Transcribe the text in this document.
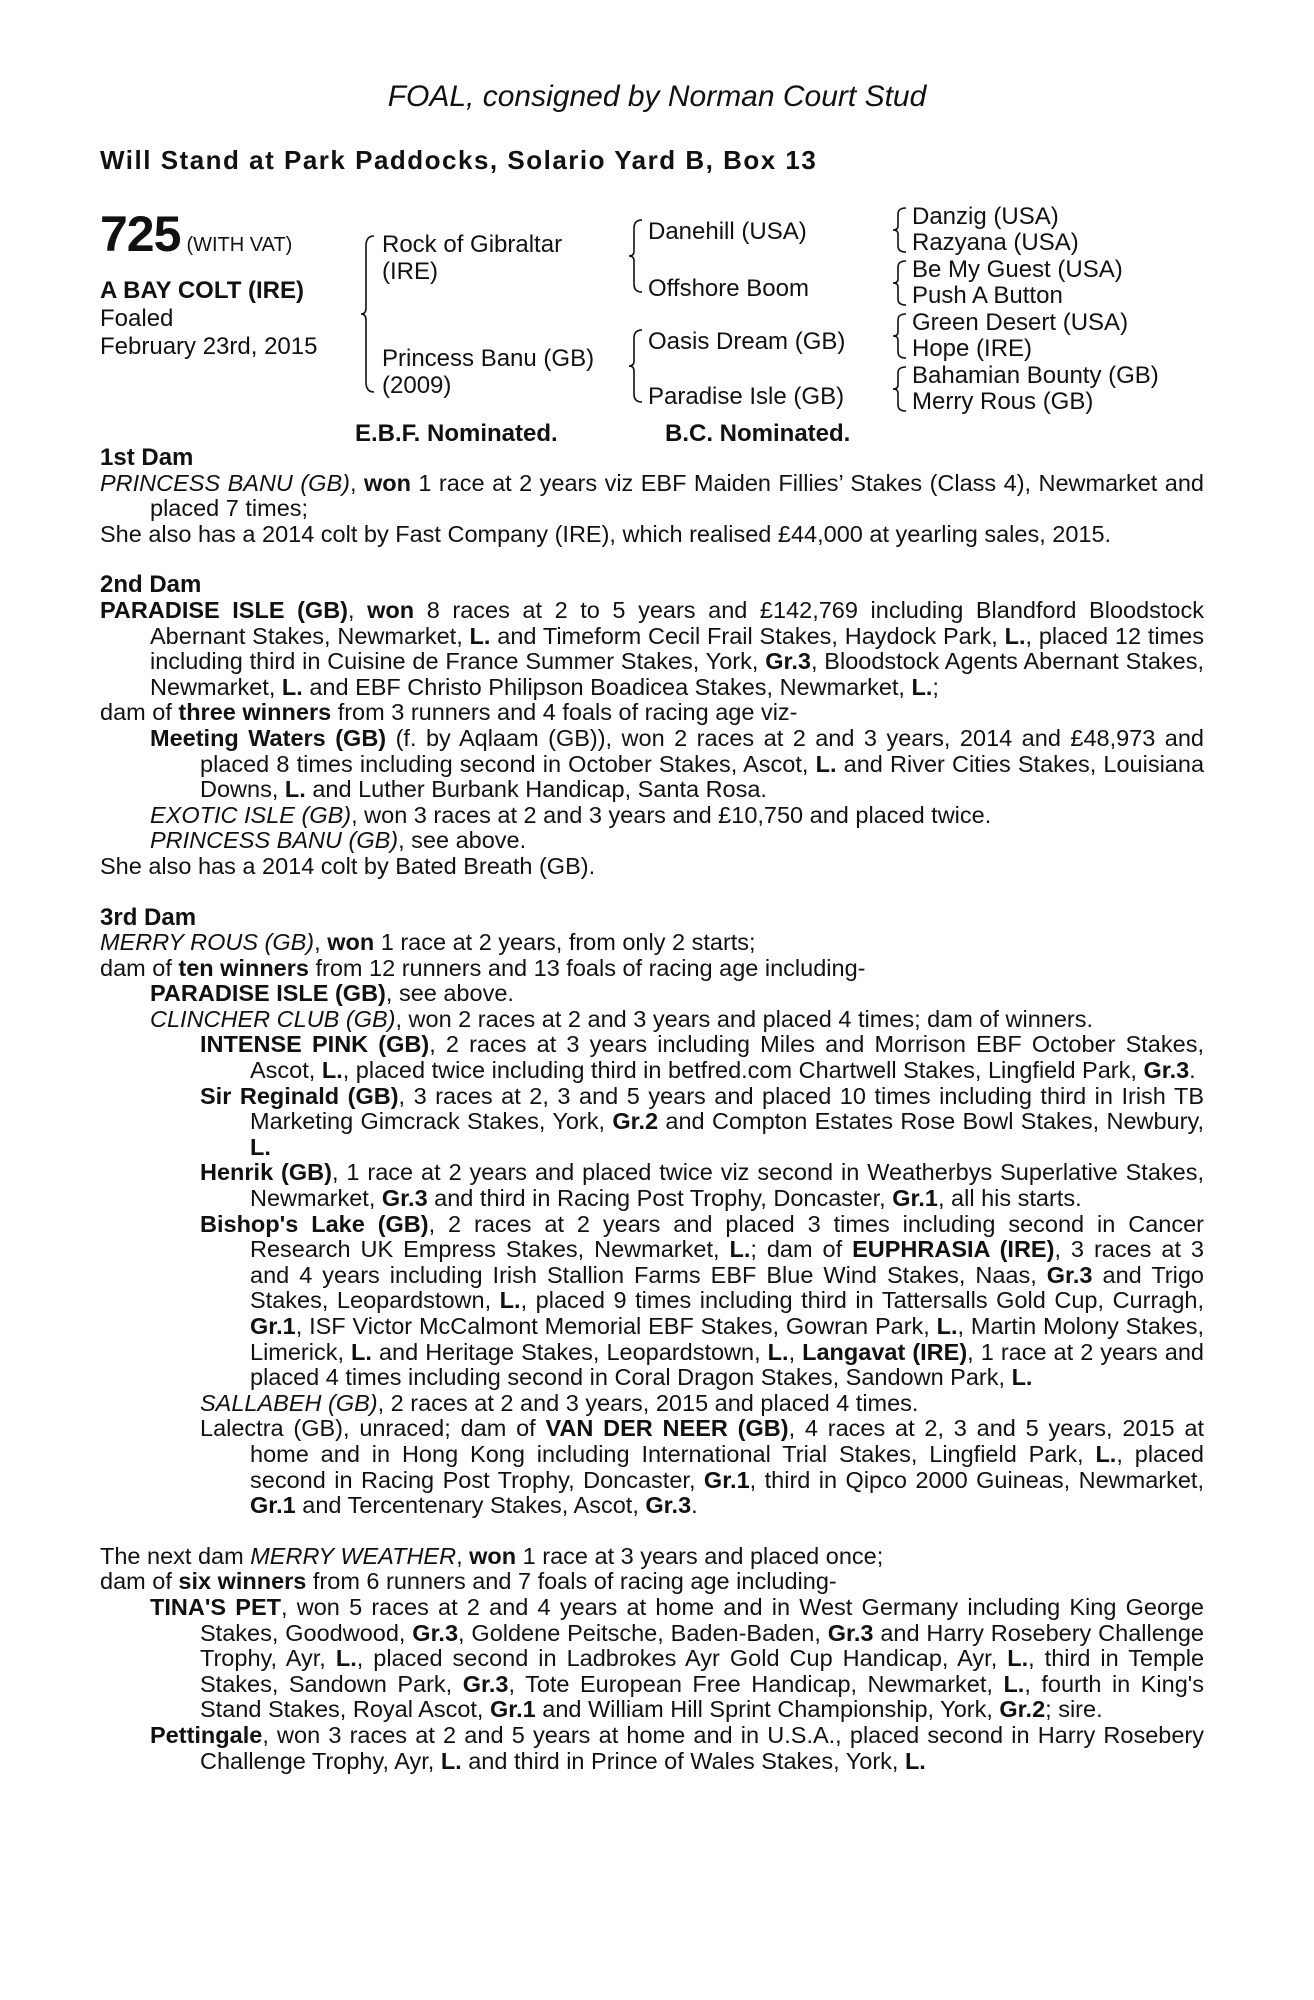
FOAL, consigned by Norman Court Stud
Will Stand at Park Paddocks, Solario Yard B, Box 13
725 (WITH VAT)
A BAY COLT (IRE)
Foaled
February 23rd, 2015
Rock of Gibraltar
(IRE)
Princess Banu (GB)
(2009)
Danehill (USA)
Offshore Boom
Oasis Dream (GB)
Paradise Isle (GB)
Danzig (USA)
Razyana (USA)
Be My Guest (USA)
Push A Button
Green Desert (USA)
Hope (IRE)
Bahamian Bounty (GB)
Merry Rous (GB)
E.B.F. Nominated.	B.C. Nominated.
1st Dam

PRINCESS BANU (GB), won 1 race at 2 years viz EBF Maiden Fillies’ Stakes (Class 4), Newmarket and placed 7 times;

She also has a 2014 colt by Fast Company (IRE), which realised £44,000 at yearling sales, 2015.

2nd Dam

PARADISE ISLE (GB), won 8 races at 2 to 5 years and £142,769 including Blandford Bloodstock Abernant Stakes, Newmarket, L. and Timeform Cecil Frail Stakes, Haydock Park, L., placed 12 times including third in Cuisine de France Summer Stakes, York, Gr.3, Bloodstock Agents Abernant Stakes, Newmarket, L. and EBF Christo Philipson Boadicea Stakes, Newmarket, L.;

dam of three winners from 3 runners and 4 foals of racing age viz-

Meeting Waters (GB) (f. by Aqlaam (GB)), won 2 races at 2 and 3 years, 2014 and £48,973 and placed 8 times including second in October Stakes, Ascot, L. and River Cities Stakes, Louisiana Downs, L. and Luther Burbank Handicap, Santa Rosa.

EXOTIC ISLE (GB), won 3 races at 2 and 3 years and £10,750 and placed twice.

PRINCESS BANU (GB), see above.

She also has a 2014 colt by Bated Breath (GB).

3rd Dam

MERRY ROUS (GB), won 1 race at 2 years, from only 2 starts;

dam of ten winners from 12 runners and 13 foals of racing age including-

PARADISE ISLE (GB), see above.

CLINCHER CLUB (GB), won 2 races at 2 and 3 years and placed 4 times; dam of winners.

INTENSE PINK (GB), 2 races at 3 years including Miles and Morrison EBF October Stakes, Ascot, L., placed twice including third in betfred.com Chartwell Stakes, Lingfield Park, Gr.3.

Sir Reginald (GB), 3 races at 2, 3 and 5 years and placed 10 times including third in Irish TB Marketing Gimcrack Stakes, York, Gr.2 and Compton Estates Rose Bowl Stakes, Newbury, L.

Henrik (GB), 1 race at 2 years and placed twice viz second in Weatherbys Superlative Stakes, Newmarket, Gr.3 and third in Racing Post Trophy, Doncaster, Gr.1, all his starts.

Bishop's Lake (GB), 2 races at 2 years and placed 3 times including second in Cancer Research UK Empress Stakes, Newmarket, L.; dam of EUPHRASIA (IRE), 3 races at 3 and 4 years including Irish Stallion Farms EBF Blue Wind Stakes, Naas, Gr.3 and Trigo Stakes, Leopardstown, L., placed 9 times including third in Tattersalls Gold Cup, Curragh, Gr.1, ISF Victor McCalmont Memorial EBF Stakes, Gowran Park, L., Martin Molony Stakes, Limerick, L. and Heritage Stakes, Leopardstown, L., Langavat (IRE), 1 race at 2 years and placed 4 times including second in Coral Dragon Stakes, Sandown Park, L.

SALLABEH (GB), 2 races at 2 and 3 years, 2015 and placed 4 times.

Lalectra (GB), unraced; dam of VAN DER NEER (GB), 4 races at 2, 3 and 5 years, 2015 at home and in Hong Kong including International Trial Stakes, Lingfield Park, L., placed second in Racing Post Trophy, Doncaster, Gr.1, third in Qipco 2000 Guineas, Newmarket, Gr.1 and Tercentenary Stakes, Ascot, Gr.3.

The next dam MERRY WEATHER, won 1 race at 3 years and placed once;

dam of six winners from 6 runners and 7 foals of racing age including-

TINA'S PET, won 5 races at 2 and 4 years at home and in West Germany including King George Stakes, Goodwood, Gr.3, Goldene Peitsche, Baden-Baden, Gr.3 and Harry Rosebery Challenge Trophy, Ayr, L., placed second in Ladbrokes Ayr Gold Cup Handicap, Ayr, L., third in Temple Stakes, Sandown Park, Gr.3, Tote European Free Handicap, Newmarket, L., fourth in King's Stand Stakes, Royal Ascot, Gr.1 and William Hill Sprint Championship, York, Gr.2; sire.

Pettingale, won 3 races at 2 and 5 years at home and in U.S.A., placed second in Harry Rosebery Challenge Trophy, Ayr, L. and third in Prince of Wales Stakes, York, L.
